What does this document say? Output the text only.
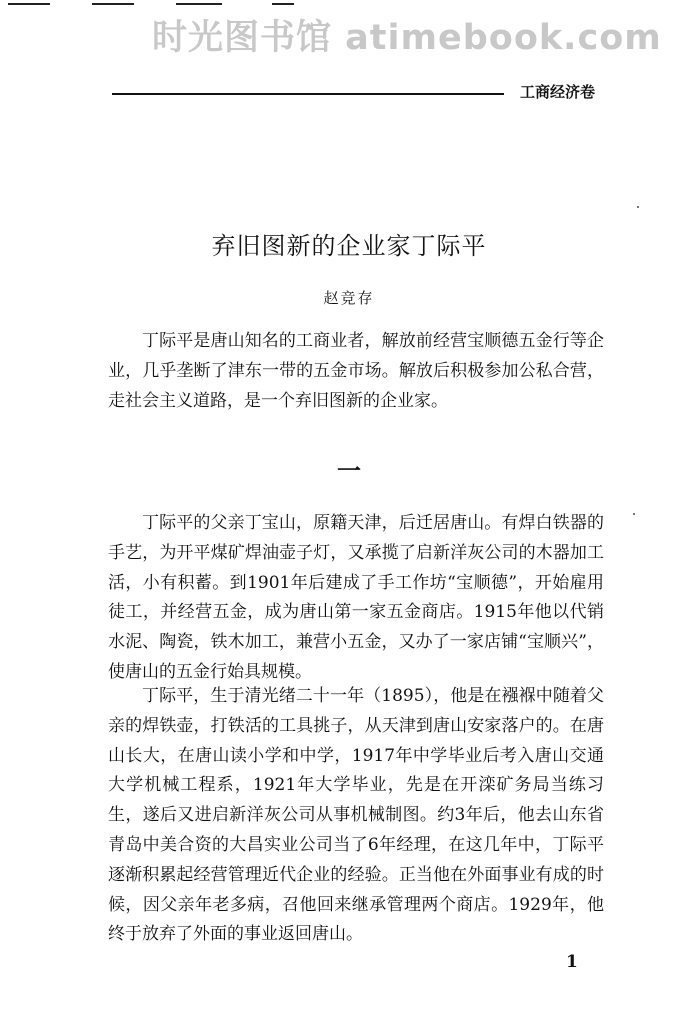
时光图书馆 atimebook.com
工商经济卷
弃旧图新的企业家丁际平
赵竞存

丁际平是唐山知名的工商业者，解放前经营宝顺德五金行等企业，几乎垄断了津东一带的五金市场。解放后积极参加公私合营，走社会主义道路，是一个弃旧图新的企业家。

一

丁际平的父亲丁宝山，原籍天津，后迁居唐山。有焊白铁器的手艺，为开平煤矿焊油壶子灯，又承揽了启新洋灰公司的木器加工活，小有积蓄。到1901年后建成了手工作坊“宝顺德”，开始雇用徒工，并经营五金，成为唐山第一家五金商店。1915年他以代销水泥、陶瓷，铁木加工，兼营小五金，又办了一家店铺“宝顺兴”，使唐山的五金行始具规模。

丁际平，生于清光绪二十一年（1895），他是在襁褓中随着父亲的焊铁壶，打铁活的工具挑子，从天津到唐山安家落户的。在唐山长大，在唐山读小学和中学，1917年中学毕业后考入唐山交通大学机械工程系，1921年大学毕业，先是在开滦矿务局当练习生，遂后又进启新洋灰公司从事机械制图。约3年后，他去山东省青岛中美合资的大昌实业公司当了6年经理，在这几年中，丁际平逐渐积累起经营管理近代企业的经验。正当他在外面事业有成的时候，因父亲年老多病，召他回来继承管理两个商店。1929年，他终于放弃了外面的事业返回唐山。

1
